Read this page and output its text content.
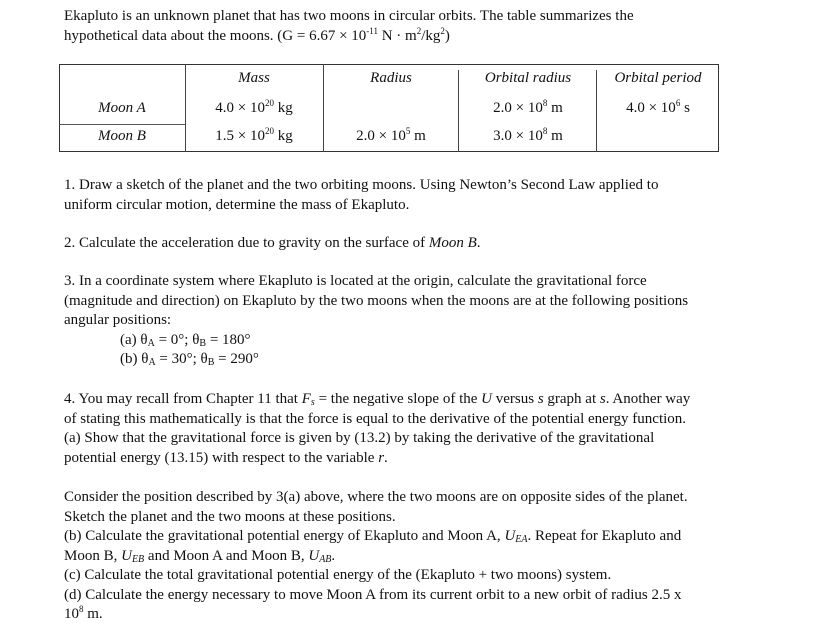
Ekapluto is an unknown planet that has two moons in circular orbits. The table summarizes the

hypothetical data about the moons. ($G = 6.67 \times 10^{-11}$ $N \cdot m^2/kg^2$)

	Mass	Radius	Orbital radius	Orbital period
Moon A	$4.0 \times 10^{20}$ kg		$2.0 \times 10^8$ m	$4.0 \times 10^6$ s
Moon B	$1.5 \times 10^{20}$ kg	$2.0 \times 10^5$ m	$3.0 \times 10^8$ m	

1. Draw a sketch of the planet and the two orbiting moons. Using Newton’s Second Law applied to

uniform circular motion, determine the mass of Ekapluto.

2. Calculate the acceleration due to gravity on the surface of Moon B.

3. In a coordinate system where Ekapluto is located at the origin, calculate the gravitational force

(magnitude and direction) on Ekapluto by the two moons when the moons are at the following positions

angular positions:

(a) $\theta_A = 0^\circ$; $\theta_B = 180^\circ$

(b) $\theta_A = 30^\circ$; $\theta_B = 290^\circ$

4. You may recall from Chapter 11 that $F_s$ = the negative slope of the U versus s graph at s. Another way

of stating this mathematically is that the force is equal to the derivative of the potential energy function.

(a) Show that the gravitational force is given by (13.2) by taking the derivative of the gravitational

potential energy (13.15) with respect to the variable r.

Consider the position described by 3(a) above, where the two moons are on opposite sides of the planet.

Sketch the planet and the two moons at these positions.

(b) Calculate the gravitational potential energy of Ekapluto and Moon A, $U_{EA}$. Repeat for Ekapluto and

Moon B, $U_{EB}$ and Moon A and Moon B, $U_{AB}$.

(c) Calculate the total gravitational potential energy of the (Ekapluto + two moons) system.

(d) Calculate the energy necessary to move Moon A from its current orbit to a new orbit of radius 2.5 x

$10^8$ m.
